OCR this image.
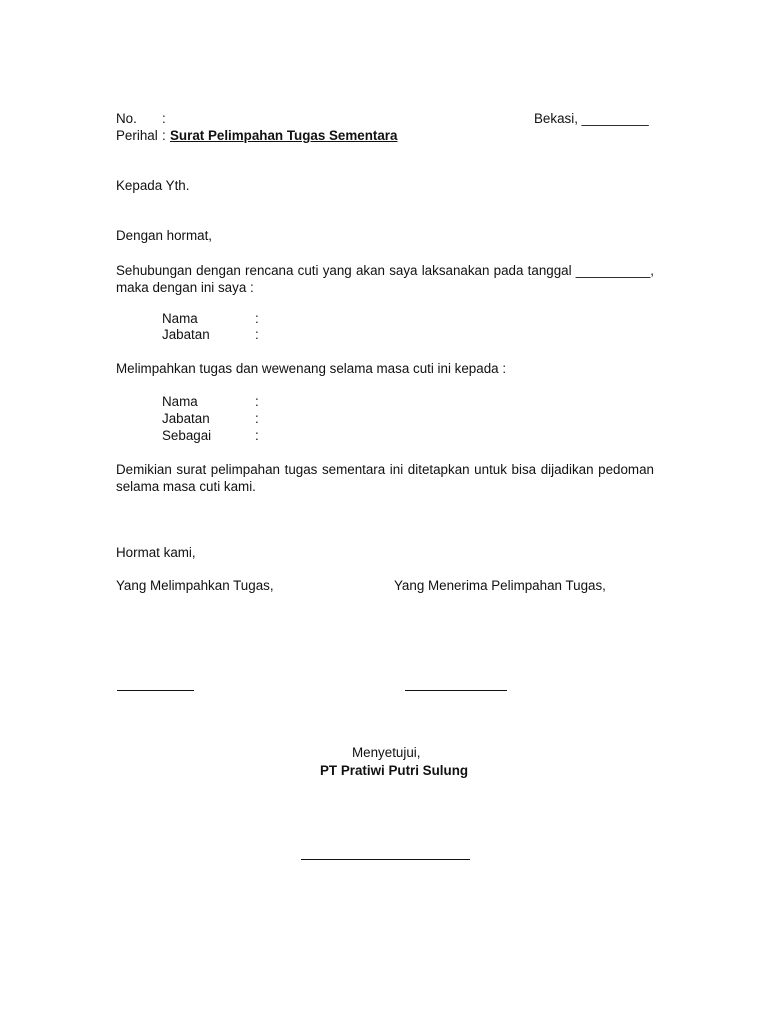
No. :	Bekasi, _________
Perihal : Surat Pelimpahan Tugas Sementara
Kepada Yth.
Dengan hormat,
Sehubungan dengan rencana cuti yang akan saya laksanakan pada tanggal __________,
maka dengan ini saya :
Nama	:
Jabatan	:
Melimpahkan tugas dan wewenang selama masa cuti ini kepada :
Nama	:
Jabatan	:
Sebagai	:
Demikian surat pelimpahan tugas sementara ini ditetapkan untuk bisa dijadikan pedoman
selama masa cuti kami.
Hormat kami,
Yang Melimpahkan Tugas,	Yang Menerima Pelimpahan Tugas,
Menyetujui,
PT Pratiwi Putri Sulung
